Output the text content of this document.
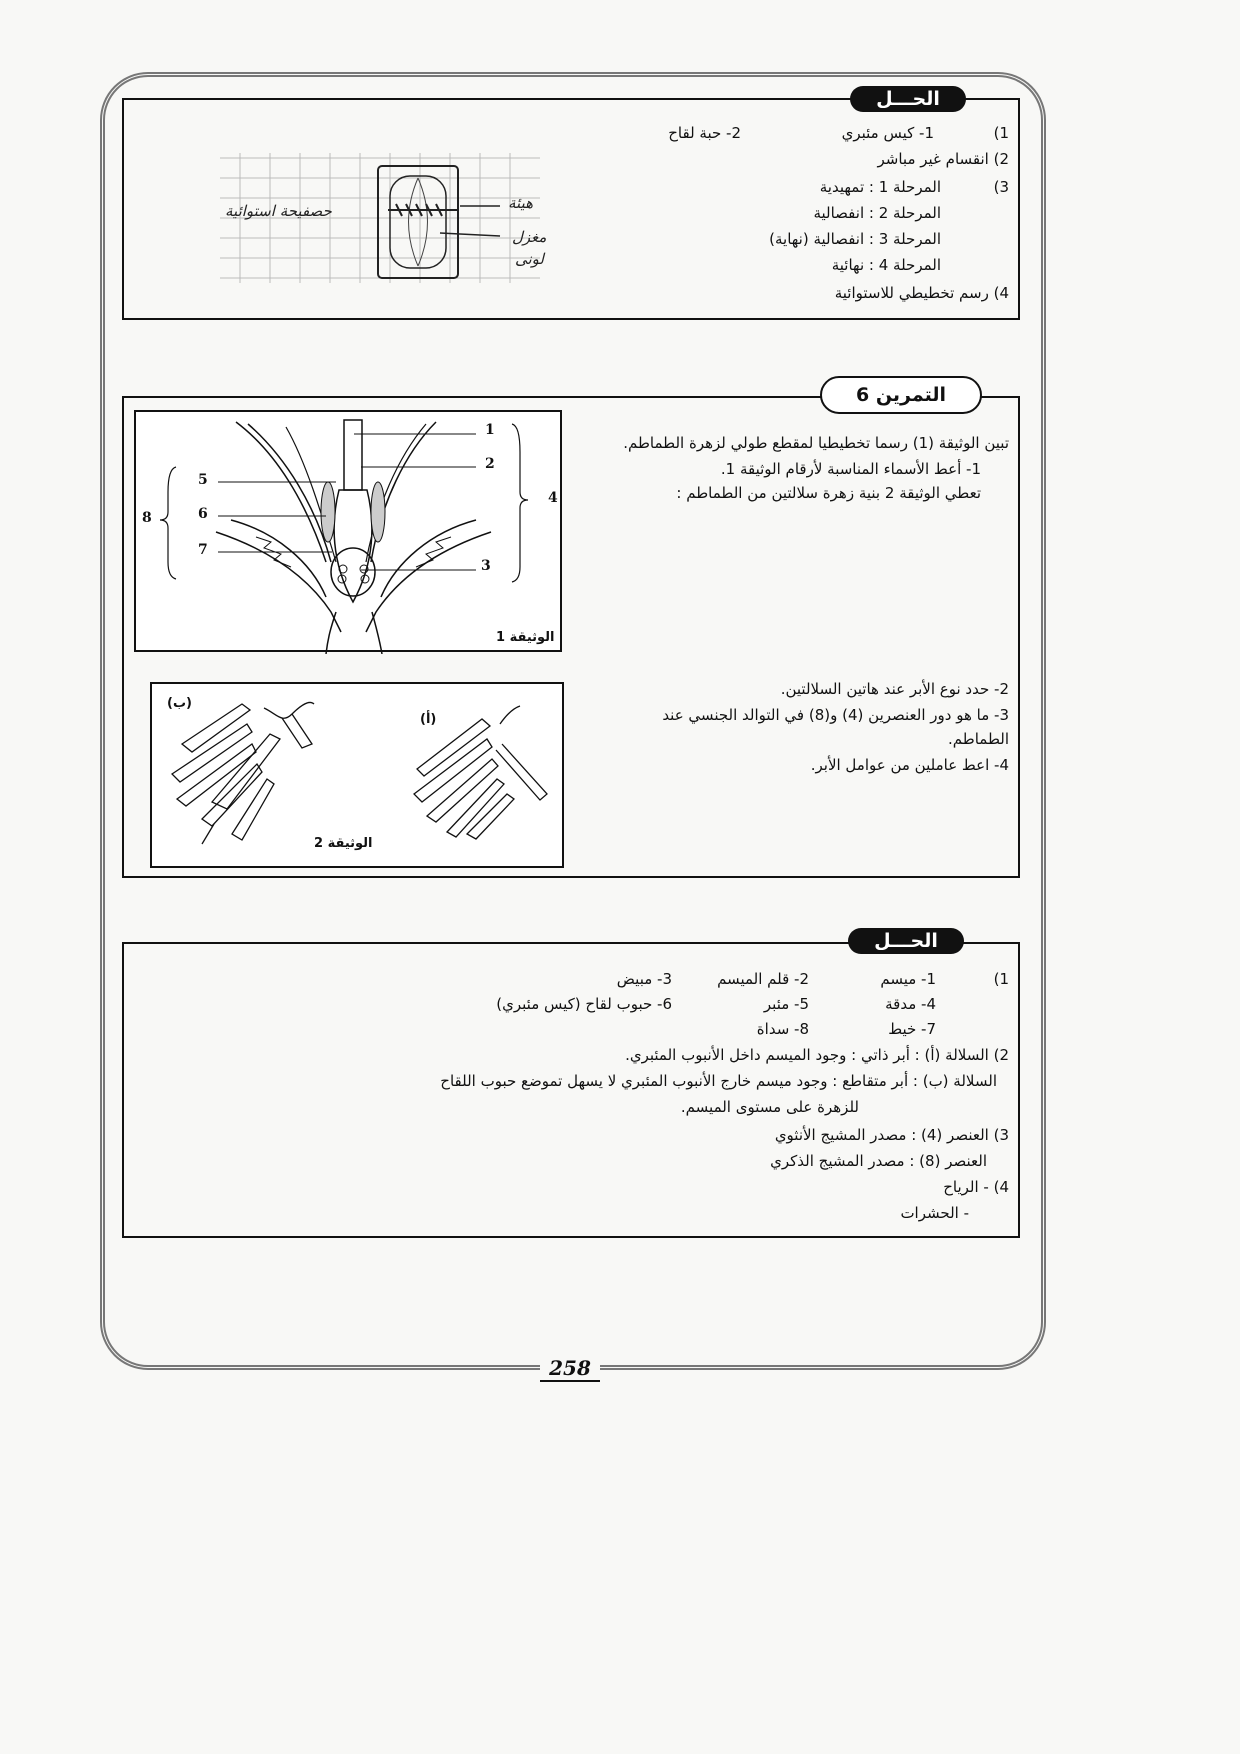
الحـــل
1)
1- كيس مئبري
2- حبة لقاح
2) انقسام غير مباشر
3)
المرحلة 1 : تمهيدية
المرحلة 2 : انفصالية
المرحلة 3 : انفصالية (نهاية)
المرحلة 4 : نهائية
4) رسم تخطيطي للاستوائية
هيئة
حصفيحة استوائية
مغزل
لونى
التمرين 6
تبين الوثيقة (1) رسما تخطيطيا لمقطع طولي لزهرة الطماطم.
1- أعط الأسماء المناسبة لأرقام الوثيقة 1.
تعطي الوثيقة 2 بنية زهرة سلالتين من الطماطم :
1
2
3
4
5
6
7
8
الوثيقة 1
(ب)
(أ)
الوثيقة 2
2- حدد نوع الأبر عند هاتين السلالتين.
3- ما هو دور العنصرين (4) و(8) في التوالد الجنسي عند
الطماطم.
4- اعط عاملين من عوامل الأبر.
الحـــل
1)
1- ميسم
2- قلم الميسم
3- مبيض
4- مدقة
5- مئبر
6- حبوب لقاح (كيس مئبري)
7- خيط
8- سداة
2) السلالة (أ) : أبر ذاتي : وجود الميسم داخل الأنبوب المئبري.
السلالة (ب) : أبر متقاطع : وجود ميسم خارج الأنبوب المئبري لا يسهل تموضع حبوب اللقاح
للزهرة على مستوى الميسم.
3) العنصر (4) : مصدر المشيج الأنثوي
العنصر (8) : مصدر المشيج الذكري
4) - الرياح
- الحشرات
258
